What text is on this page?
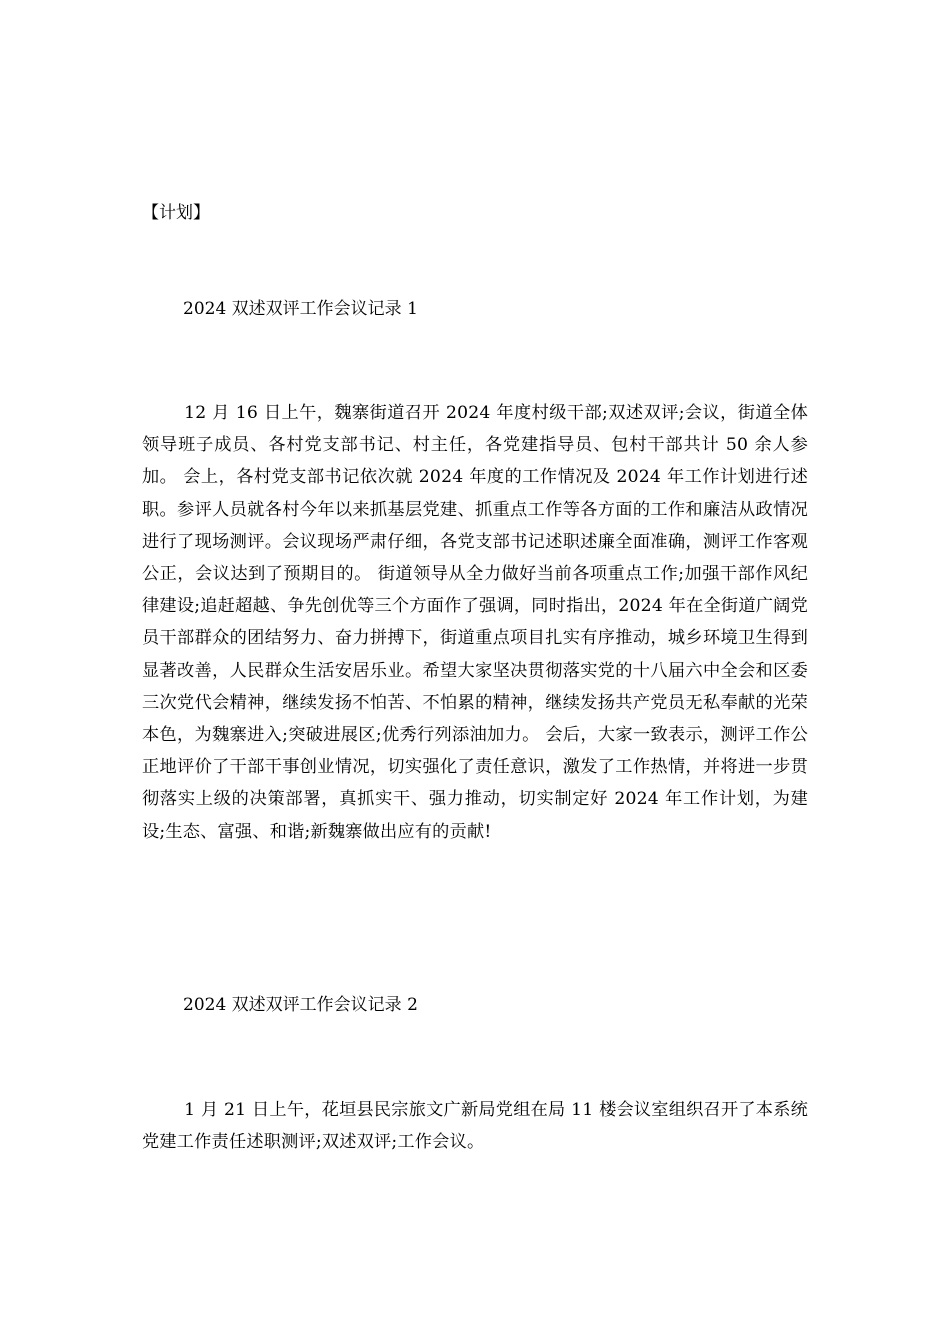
【计划】
2024 双述双评工作会议记录 1
12 月 16 日上午，魏寨街道召开 2024 年度村级干部;双述双评;会议，街道全体领导班子成员、各村党支部书记、村主任，各党建指导员、包村干部共计 50 余人参加。 会上，各村党支部书记依次就 2024 年度的工作情况及 2024 年工作计划进行述职。参评人员就各村今年以来抓基层党建、抓重点工作等各方面的工作和廉洁从政情况进行了现场测评。会议现场严肃仔细，各党支部书记述职述廉全面准确，测评工作客观公正，会议达到了预期目的。 街道领导从全力做好当前各项重点工作;加强干部作风纪律建设;追赶超越、争先创优等三个方面作了强调，同时指出，2024 年在全街道广阔党员干部群众的团结努力、奋力拼搏下，街道重点项目扎实有序推动，城乡环境卫生得到显著改善，人民群众生活安居乐业。希望大家坚决贯彻落实党的十八届六中全会和区委三次党代会精神，继续发扬不怕苦、不怕累的精神，继续发扬共产党员无私奉献的光荣本色，为魏寨进入;突破进展区;优秀行列添油加力。 会后，大家一致表示，测评工作公正地评价了干部干事创业情况，切实强化了责任意识，激发了工作热情，并将进一步贯彻落实上级的决策部署，真抓实干、强力推动，切实制定好 2024 年工作计划，为建设;生态、富强、和谐;新魏寨做出应有的贡献!
2024 双述双评工作会议记录 2
1 月 21 日上午，花垣县民宗旅文广新局党组在局 11 楼会议室组织召开了本系统党建工作责任述职测评;双述双评;工作会议。
